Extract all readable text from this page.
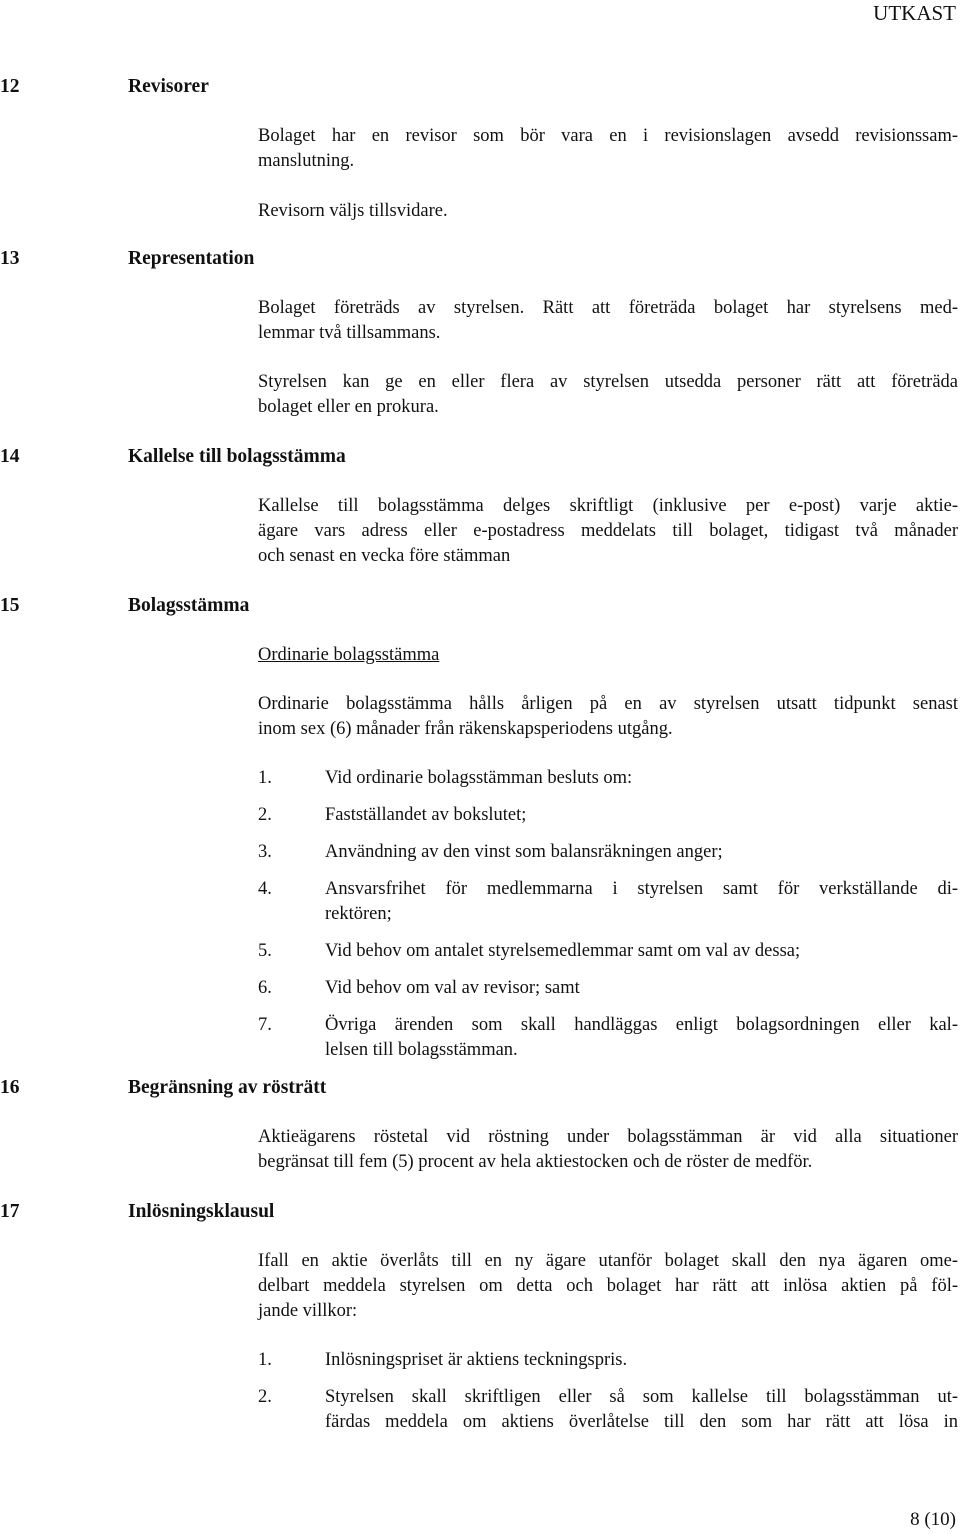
UTKAST
12	Revisorer
Bolaget har en revisor som bör vara en i revisionslagen avsedd revisionssam-
manslutning.
Revisorn väljs tillsvidare.
13	Representation
Bolaget företräds av styrelsen. Rätt att företräda bolaget har styrelsens med-
lemmar två tillsammans.
Styrelsen kan ge en eller flera av styrelsen utsedda personer rätt att företräda
bolaget eller en prokura.
14	Kallelse till bolagsstämma
Kallelse till bolagsstämma delges skriftligt (inklusive per e-post) varje aktie-
ägare vars adress eller e-postadress meddelats till bolaget, tidigast två månader
och senast en vecka före stämman
15	Bolagsstämma
Ordinarie bolagsstämma
Ordinarie bolagsstämma hålls årligen på en av styrelsen utsatt tidpunkt senast
inom sex (6) månader från räkenskapsperiodens utgång.
1.	Vid ordinarie bolagsstämman besluts om:
2.	Fastställandet av bokslutet;
3.	Användning av den vinst som balansräkningen anger;
4.	Ansvarsfrihet för medlemmarna i styrelsen samt för verkställande di-
rektören;
5.	Vid behov om antalet styrelsemedlemmar samt om val av dessa;
6.	Vid behov om val av revisor; samt
7.	Övriga ärenden som skall handläggas enligt bolagsordningen eller kal-
lelsen till bolagsstämman.
16	Begränsning av rösträtt
Aktieägarens röstetal vid röstning under bolagsstämman är vid alla situationer
begränsat till fem (5) procent av hela aktiestocken och de röster de medför.
17	Inlösningsklausul
Ifall en aktie överlåts till en ny ägare utanför bolaget skall den nya ägaren ome-
delbart meddela styrelsen om detta och bolaget har rätt att inlösa aktien på föl-
jande villkor:
1.	Inlösningspriset är aktiens teckningspris.
2.	Styrelsen skall skriftligen eller så som kallelse till bolagsstämman ut-
färdas meddela om aktiens överlåtelse till den som har rätt att lösa in
8 (10)
